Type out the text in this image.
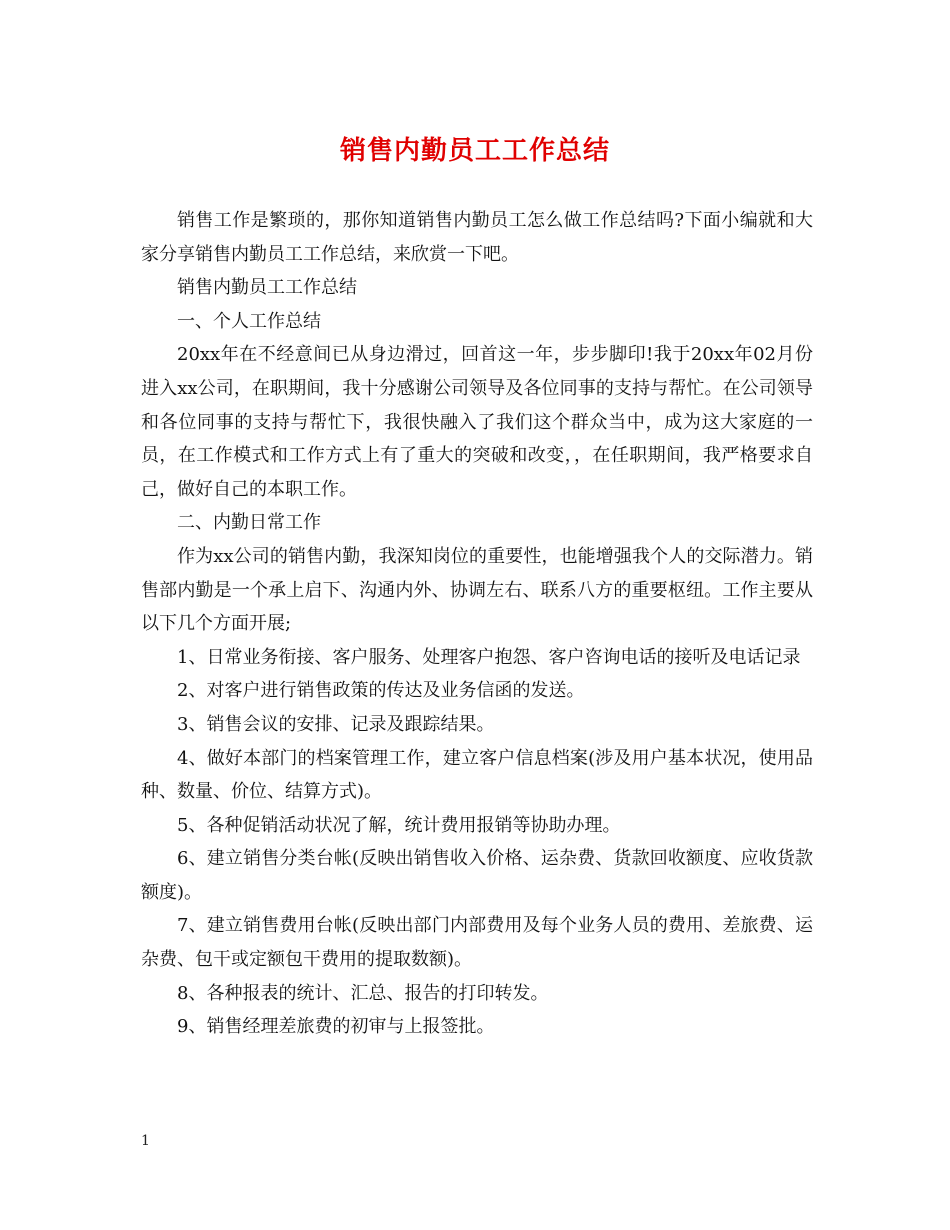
销售内勤员工工作总结

销售工作是繁琐的，那你知道销售内勤员工怎么做工作总结吗?下面小编就和大家分享销售内勤员工工作总结，来欣赏一下吧。

销售内勤员工工作总结

一、个人工作总结

20xx年在不经意间已从身边滑过，回首这一年，步步脚印!我于20xx年02月份进入xx公司，在职期间，我十分感谢公司领导及各位同事的支持与帮忙。在公司领导和各位同事的支持与帮忙下，我很快融入了我们这个群众当中，成为这大家庭的一员，在工作模式和工作方式上有了重大的突破和改变，，在任职期间，我严格要求自己，做好自己的本职工作。

二、内勤日常工作

作为xx公司的销售内勤，我深知岗位的重要性，也能增强我个人的交际潜力。销售部内勤是一个承上启下、沟通内外、协调左右、联系八方的重要枢纽。工作主要从以下几个方面开展;

1、日常业务衔接、客户服务、处理客户抱怨、客户咨询电话的接听及电话记录

2、对客户进行销售政策的传达及业务信函的发送。

3、销售会议的安排、记录及跟踪结果。

4、做好本部门的档案管理工作，建立客户信息档案(涉及用户基本状况，使用品种、数量、价位、结算方式)。

5、各种促销活动状况了解，统计费用报销等协助办理。

6、建立销售分类台帐(反映出销售收入价格、运杂费、货款回收额度、应收货款额度)。

7、建立销售费用台帐(反映出部门内部费用及每个业务人员的费用、差旅费、运杂费、包干或定额包干费用的提取数额)。

8、各种报表的统计、汇总、报告的打印转发。

9、销售经理差旅费的初审与上报签批。

1
